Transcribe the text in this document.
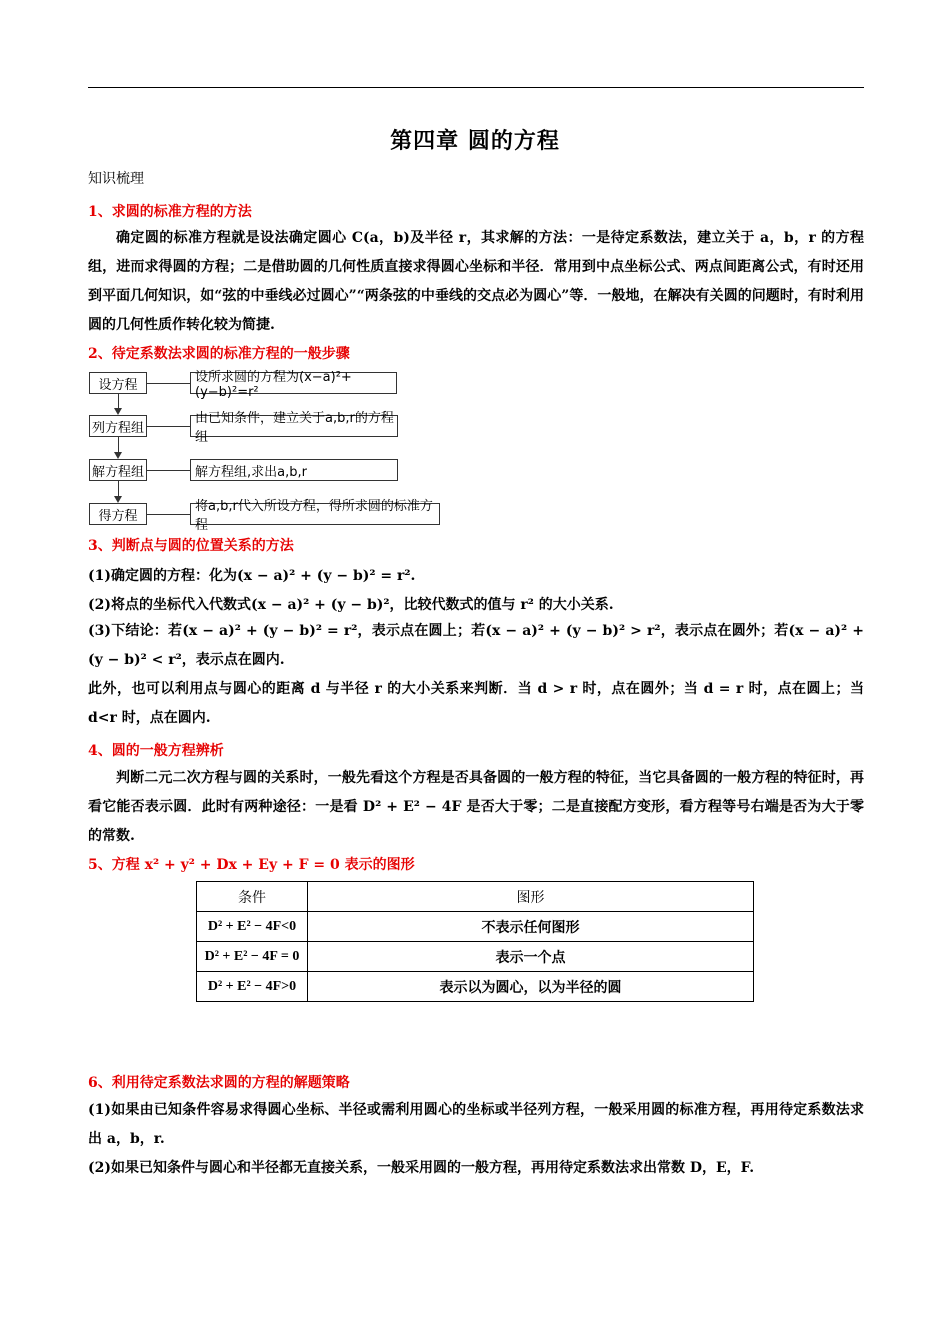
第四章 圆的方程
知识梳理
1、求圆的标准方程的方法
确定圆的标准方程就是设法确定圆心 C(a，b)及半径 r，其求解的方法：一是待定系数法，建立关于 a，b，r 的方程组，进而求得圆的方程；二是借助圆的几何性质直接求得圆心坐标和半径．常用到中点坐标公式、两点间距离公式，有时还用到平面几何知识，如“弦的中垂线必过圆心”“两条弦的中垂线的交点必为圆心”等．一般地，在解决有关圆的问题时，有时利用圆的几何性质作转化较为简捷.
2、待定系数法求圆的标准方程的一般步骤
设方程
列方程组
解方程组
得方程
设所求圆的方程为(x−a)²+(y−b)²=r²
由已知条件，建立关于a,b,r的方程组
解方程组,求出a,b,r
将a,b,r代入所设方程，得所求圆的标准方程
3、判断点与圆的位置关系的方法
(1)确定圆的方程：化为(x − a)² + (y − b)² = r².
(2)将点的坐标代入代数式(x − a)² + (y − b)²，比较代数式的值与 r² 的大小关系.
(3)下结论：若(x − a)² + (y − b)² = r²，表示点在圆上；若(x − a)² + (y − b)² > r²，表示点在圆外；若(x − a)² + (y − b)² < r²，表示点在圆内.
此外，也可以利用点与圆心的距离 d 与半径 r 的大小关系来判断．当 d > r 时，点在圆外；当 d = r 时，点在圆上；当 d<r 时，点在圆内.
4、圆的一般方程辨析
判断二元二次方程与圆的关系时，一般先看这个方程是否具备圆的一般方程的特征，当它具备圆的一般方程的特征时，再看它能否表示圆．此时有两种途径：一是看 D² + E² − 4F 是否大于零；二是直接配方变形，看方程等号右端是否为大于零的常数.
5、方程 x² + y² + Dx + Ey + F = 0 表示的图形
条件	图形
D² + E² − 4F<0	不表示任何图形
D² + E² − 4F = 0	表示一个点
D² + E² − 4F>0	表示以为圆心，以为半径的圆
6、利用待定系数法求圆的方程的解题策略
(1)如果由已知条件容易求得圆心坐标、半径或需利用圆心的坐标或半径列方程，一般采用圆的标准方程，再用待定系数法求出 a，b，r.
(2)如果已知条件与圆心和半径都无直接关系，一般采用圆的一般方程，再用待定系数法求出常数 D，E，F.
